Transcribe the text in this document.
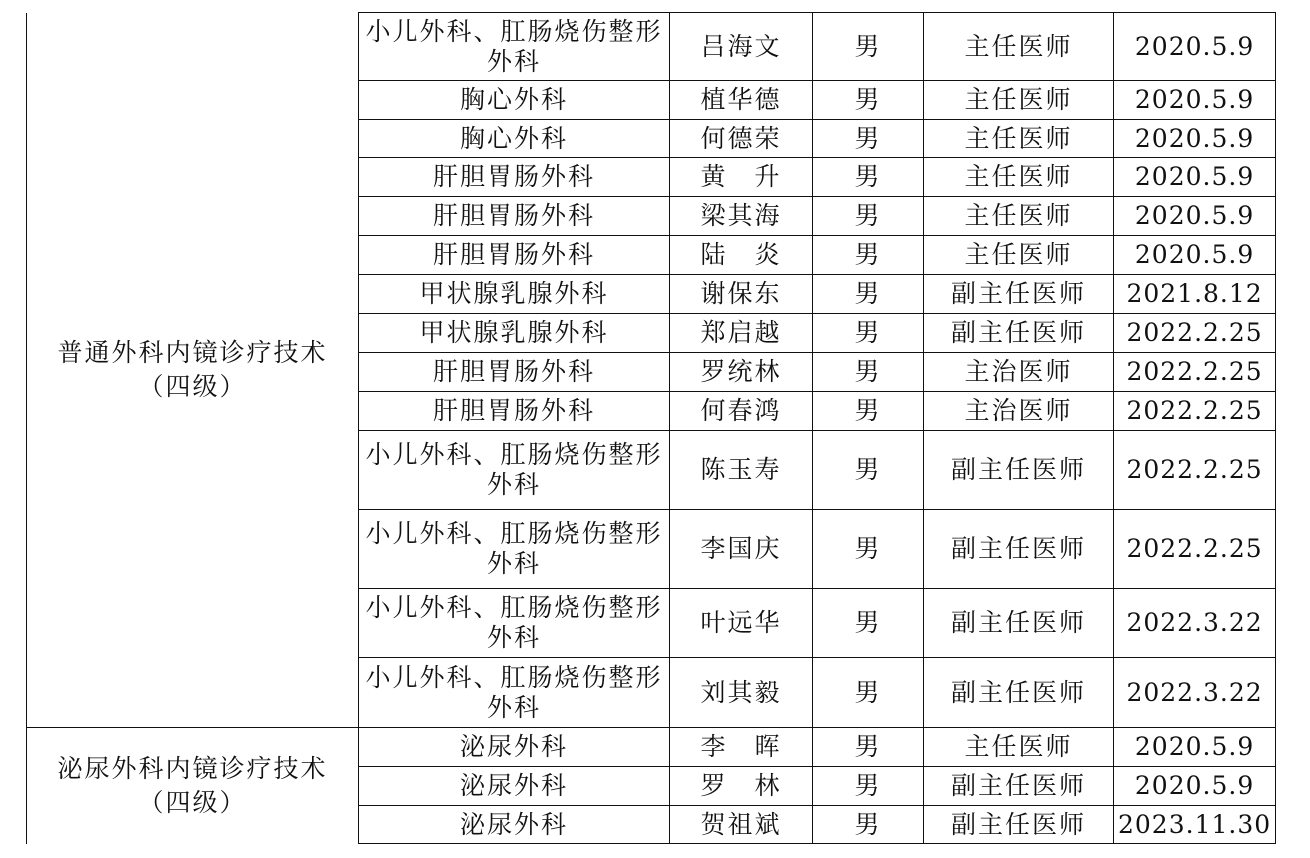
普通外科内镜诊疗技术（四级）	小儿外科、肛肠烧伤整形外科	吕海文	男	主任医师	2020.5.9
	胸心外科	植华德	男	主任医师	2020.5.9
	胸心外科	何德荣	男	主任医师	2020.5.9
	肝胆胃肠外科	黄　升	男	主任医师	2020.5.9
	肝胆胃肠外科	梁其海	男	主任医师	2020.5.9
	肝胆胃肠外科	陆　炎	男	主任医师	2020.5.9
	甲状腺乳腺外科	谢保东	男	副主任医师	2021.8.12
	甲状腺乳腺外科	郑启越	男	副主任医师	2022.2.25
	肝胆胃肠外科	罗统林	男	主治医师	2022.2.25
	肝胆胃肠外科	何春鸿	男	主治医师	2022.2.25
	小儿外科、肛肠烧伤整形外科	陈玉寿	男	副主任医师	2022.2.25
	小儿外科、肛肠烧伤整形外科	李国庆	男	副主任医师	2022.2.25
	小儿外科、肛肠烧伤整形外科	叶远华	男	副主任医师	2022.3.22
	小儿外科、肛肠烧伤整形外科	刘其毅	男	副主任医师	2022.3.22
泌尿外科内镜诊疗技术（四级）	泌尿外科	李　晖	男	主任医师	2020.5.9
	泌尿外科	罗　林	男	副主任医师	2020.5.9
	泌尿外科	贺祖斌	男	副主任医师	2023.11.30
